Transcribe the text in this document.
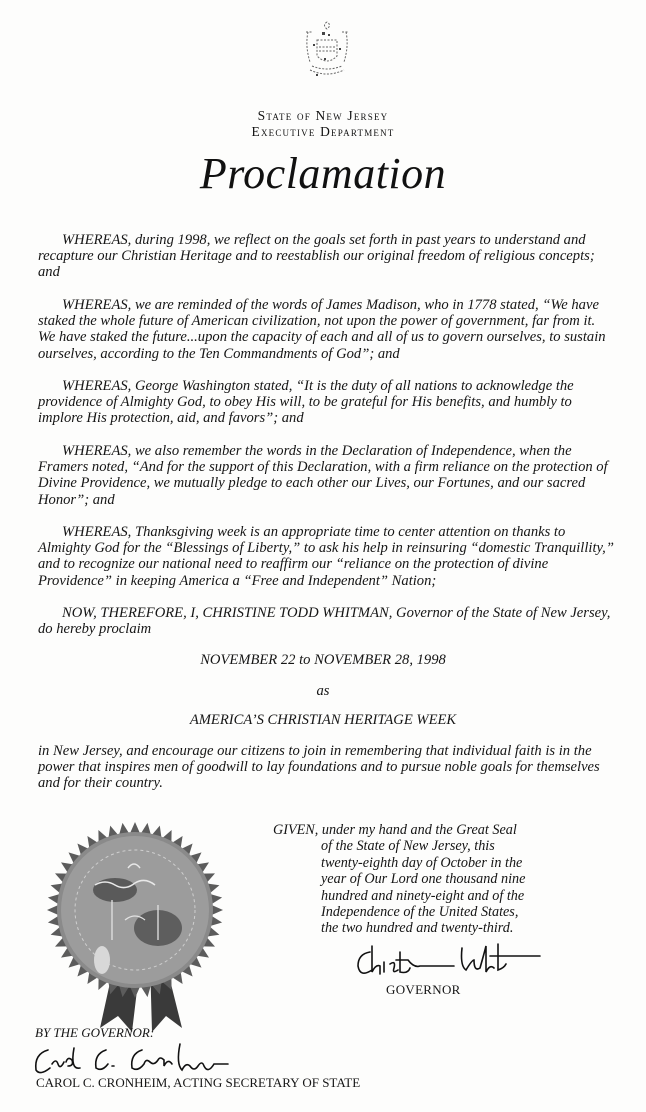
State of New Jersey
Executive Department
Proclamation

WHEREAS, during 1998, we reflect on the goals set forth in past years to understand and recapture our Christian Heritage and to reestablish our original freedom of religious concepts; and

WHEREAS, we are reminded of the words of James Madison, who in 1778 stated, “We have staked the whole future of American civilization, not upon the power of government, far from it. We have staked the future...upon the capacity of each and all of us to govern ourselves, to sustain ourselves, according to the Ten Commandments of God”; and

WHEREAS, George Washington stated, “It is the duty of all nations to acknowledge the providence of Almighty God, to obey His will, to be grateful for His benefits, and humbly to implore His protection, aid, and favors”; and

WHEREAS, we also remember the words in the Declaration of Independence, when the Framers noted, “And for the support of this Declaration, with a firm reliance on the protection of Divine Providence, we mutually pledge to each other our Lives, our Fortunes, and our sacred Honor”; and

WHEREAS, Thanksgiving week is an appropriate time to center attention on thanks to Almighty God for the “Blessings of Liberty,” to ask his help in reinsuring “domestic Tranquillity,” and to recognize our national need to reaffirm our “reliance on the protection of divine Providence” in keeping America a “Free and Independent” Nation;

NOW, THEREFORE, I, CHRISTINE TODD WHITMAN, Governor of the State of New Jersey, do hereby proclaim

NOVEMBER 22 to NOVEMBER 28, 1998
as
AMERICA’S CHRISTIAN HERITAGE WEEK

in New Jersey, and encourage our citizens to join in remembering that individual faith is in the power that inspires men of goodwill to lay foundations and to pursue noble goals for themselves and for their country.

GIVEN, under my hand and the Great Seal
of the State of New Jersey, this
twenty-eighth day of October in the
year of Our Lord one thousand nine
hundred and ninety-eight and of the
Independence of the United States,
the two hundred and twenty-third.
GOVERNOR
BY THE GOVERNOR:
CAROL C. CRONHEIM, ACTING SECRETARY OF STATE
